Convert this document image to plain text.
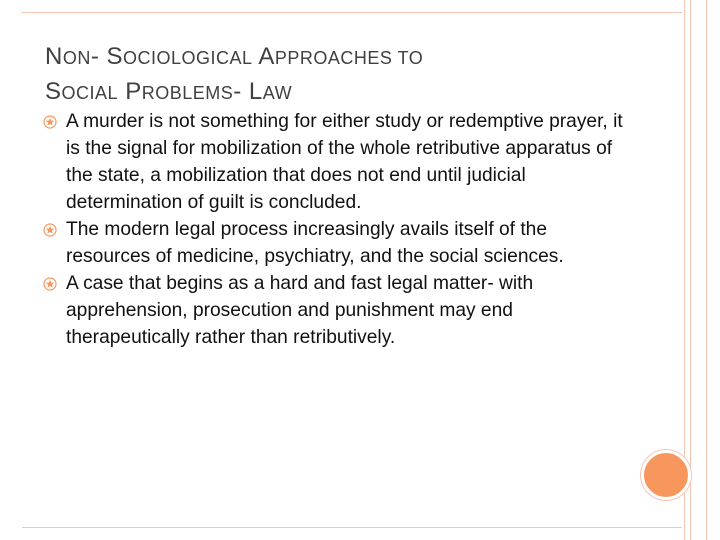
NON- SOCIOLOGICAL APPROACHES TO
SOCIAL PROBLEMS- LAW

A murder is not something for either study or redemptive prayer, it is the signal for mobilization of the whole retributive apparatus of the state, a mobilization that does not end until judicial determination of guilt is concluded.

The modern legal process increasingly avails itself of the resources of medicine, psychiatry, and the social sciences.

A case that begins as a hard and fast legal matter- with apprehension, prosecution and punishment may end therapeutically rather than retributively.
